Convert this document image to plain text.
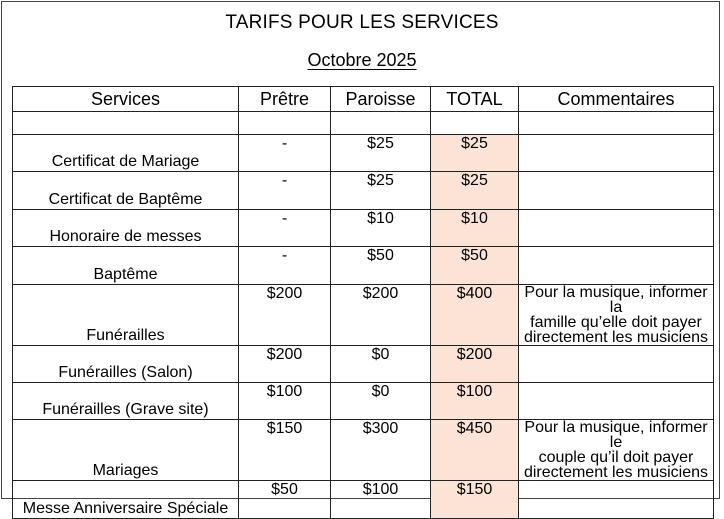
TARIFS POUR LES SERVICES
Octobre 2025
Services	Prêtre	Paroisse	TOTAL	Commentaires

Certificat de Mariage	-	$25	$25	
Certificat de Baptême	-	$25	$25	
Honoraire de messes	-	$10	$10	
Baptême	-	$50	$50	
Funérailles	$200	$200	$400	Pour la musique, informer la
famille qu’elle doit payer
directement les musiciens

Funérailles (Salon)	$200	$0	$200	
Funérailles (Grave site)	$100	$0	$100	
Mariages	$150	$300	$450	Pour la musique, informer le
couple qu’il doit payer
directement les musiciens

Messe Anniversaire Spéciale	$50	$100	$150	
